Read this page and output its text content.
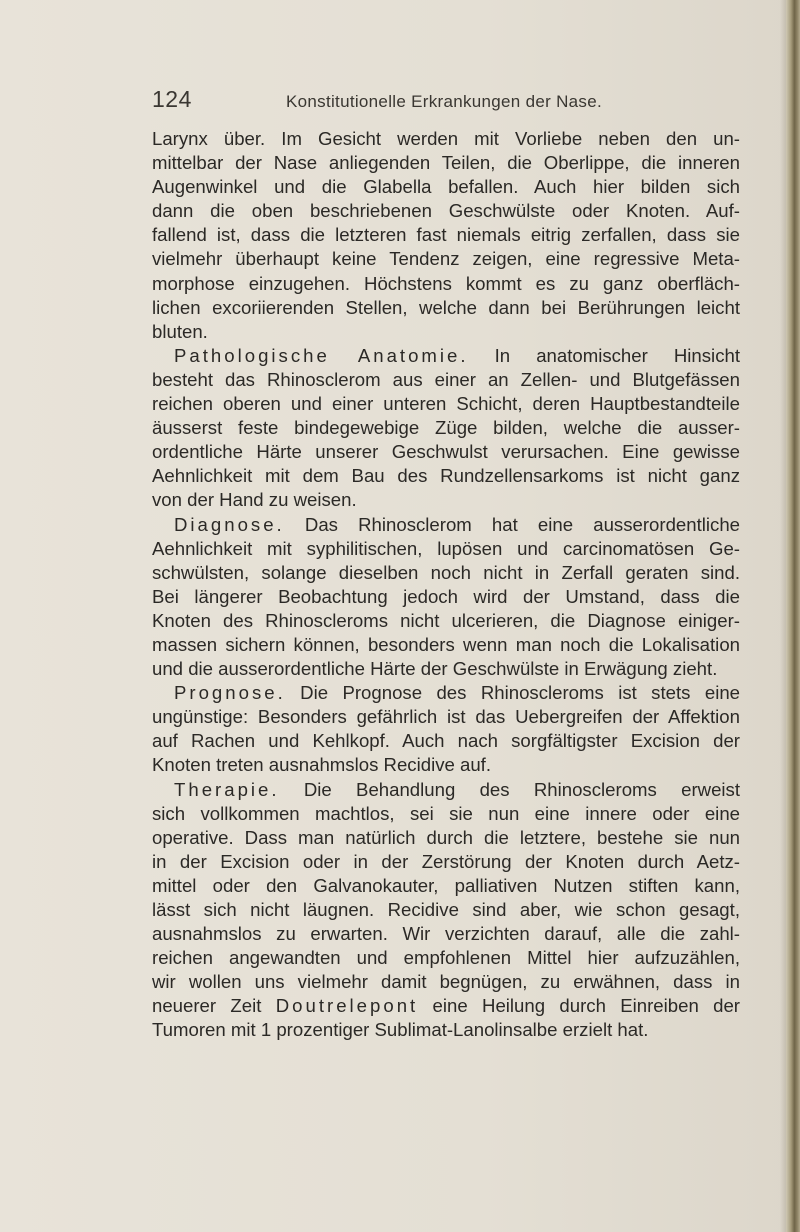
124	Konstitutionelle Erkrankungen der Nase.
Larynx über. Im Gesicht werden mit Vorliebe neben den un-
mittelbar der Nase anliegenden Teilen, die Oberlippe, die inneren
Augenwinkel und die Glabella befallen. Auch hier bilden sich
dann die oben beschriebenen Geschwülste oder Knoten. Auf-
fallend ist, dass die letzteren fast niemals eitrig zerfallen, dass sie
vielmehr überhaupt keine Tendenz zeigen, eine regressive Meta-
morphose einzugehen. Höchstens kommt es zu ganz oberfläch-
lichen excoriierenden Stellen, welche dann bei Berührungen leicht
bluten.
Pathologische Anatomie. In anatomischer Hinsicht
besteht das Rhinosclerom aus einer an Zellen- und Blutgefässen
reichen oberen und einer unteren Schicht, deren Hauptbestandteile
äusserst feste bindegewebige Züge bilden, welche die ausser-
ordentliche Härte unserer Geschwulst verursachen. Eine gewisse
Aehnlichkeit mit dem Bau des Rundzellensarkoms ist nicht ganz
von der Hand zu weisen.
Diagnose. Das Rhinosclerom hat eine ausserordentliche
Aehnlichkeit mit syphilitischen, lupösen und carcinomatösen Ge-
schwülsten, solange dieselben noch nicht in Zerfall geraten sind.
Bei längerer Beobachtung jedoch wird der Umstand, dass die
Knoten des Rhinoscleroms nicht ulcerieren, die Diagnose einiger-
massen sichern können, besonders wenn man noch die Lokalisation
und die ausserordentliche Härte der Geschwülste in Erwägung zieht.
Prognose. Die Prognose des Rhinoscleroms ist stets eine
ungünstige: Besonders gefährlich ist das Uebergreifen der Affektion
auf Rachen und Kehlkopf. Auch nach sorgfältigster Excision der
Knoten treten ausnahmslos Recidive auf.
Therapie. Die Behandlung des Rhinoscleroms erweist
sich vollkommen machtlos, sei sie nun eine innere oder eine
operative. Dass man natürlich durch die letztere, bestehe sie nun
in der Excision oder in der Zerstörung der Knoten durch Aetz-
mittel oder den Galvanokauter, palliativen Nutzen stiften kann,
lässt sich nicht läugnen. Recidive sind aber, wie schon gesagt,
ausnahmslos zu erwarten. Wir verzichten darauf, alle die zahl-
reichen angewandten und empfohlenen Mittel hier aufzuzählen,
wir wollen uns vielmehr damit begnügen, zu erwähnen, dass in
neuerer Zeit Doutrelepont eine Heilung durch Einreiben der
Tumoren mit 1 prozentiger Sublimat-Lanolinsalbe erzielt hat.
